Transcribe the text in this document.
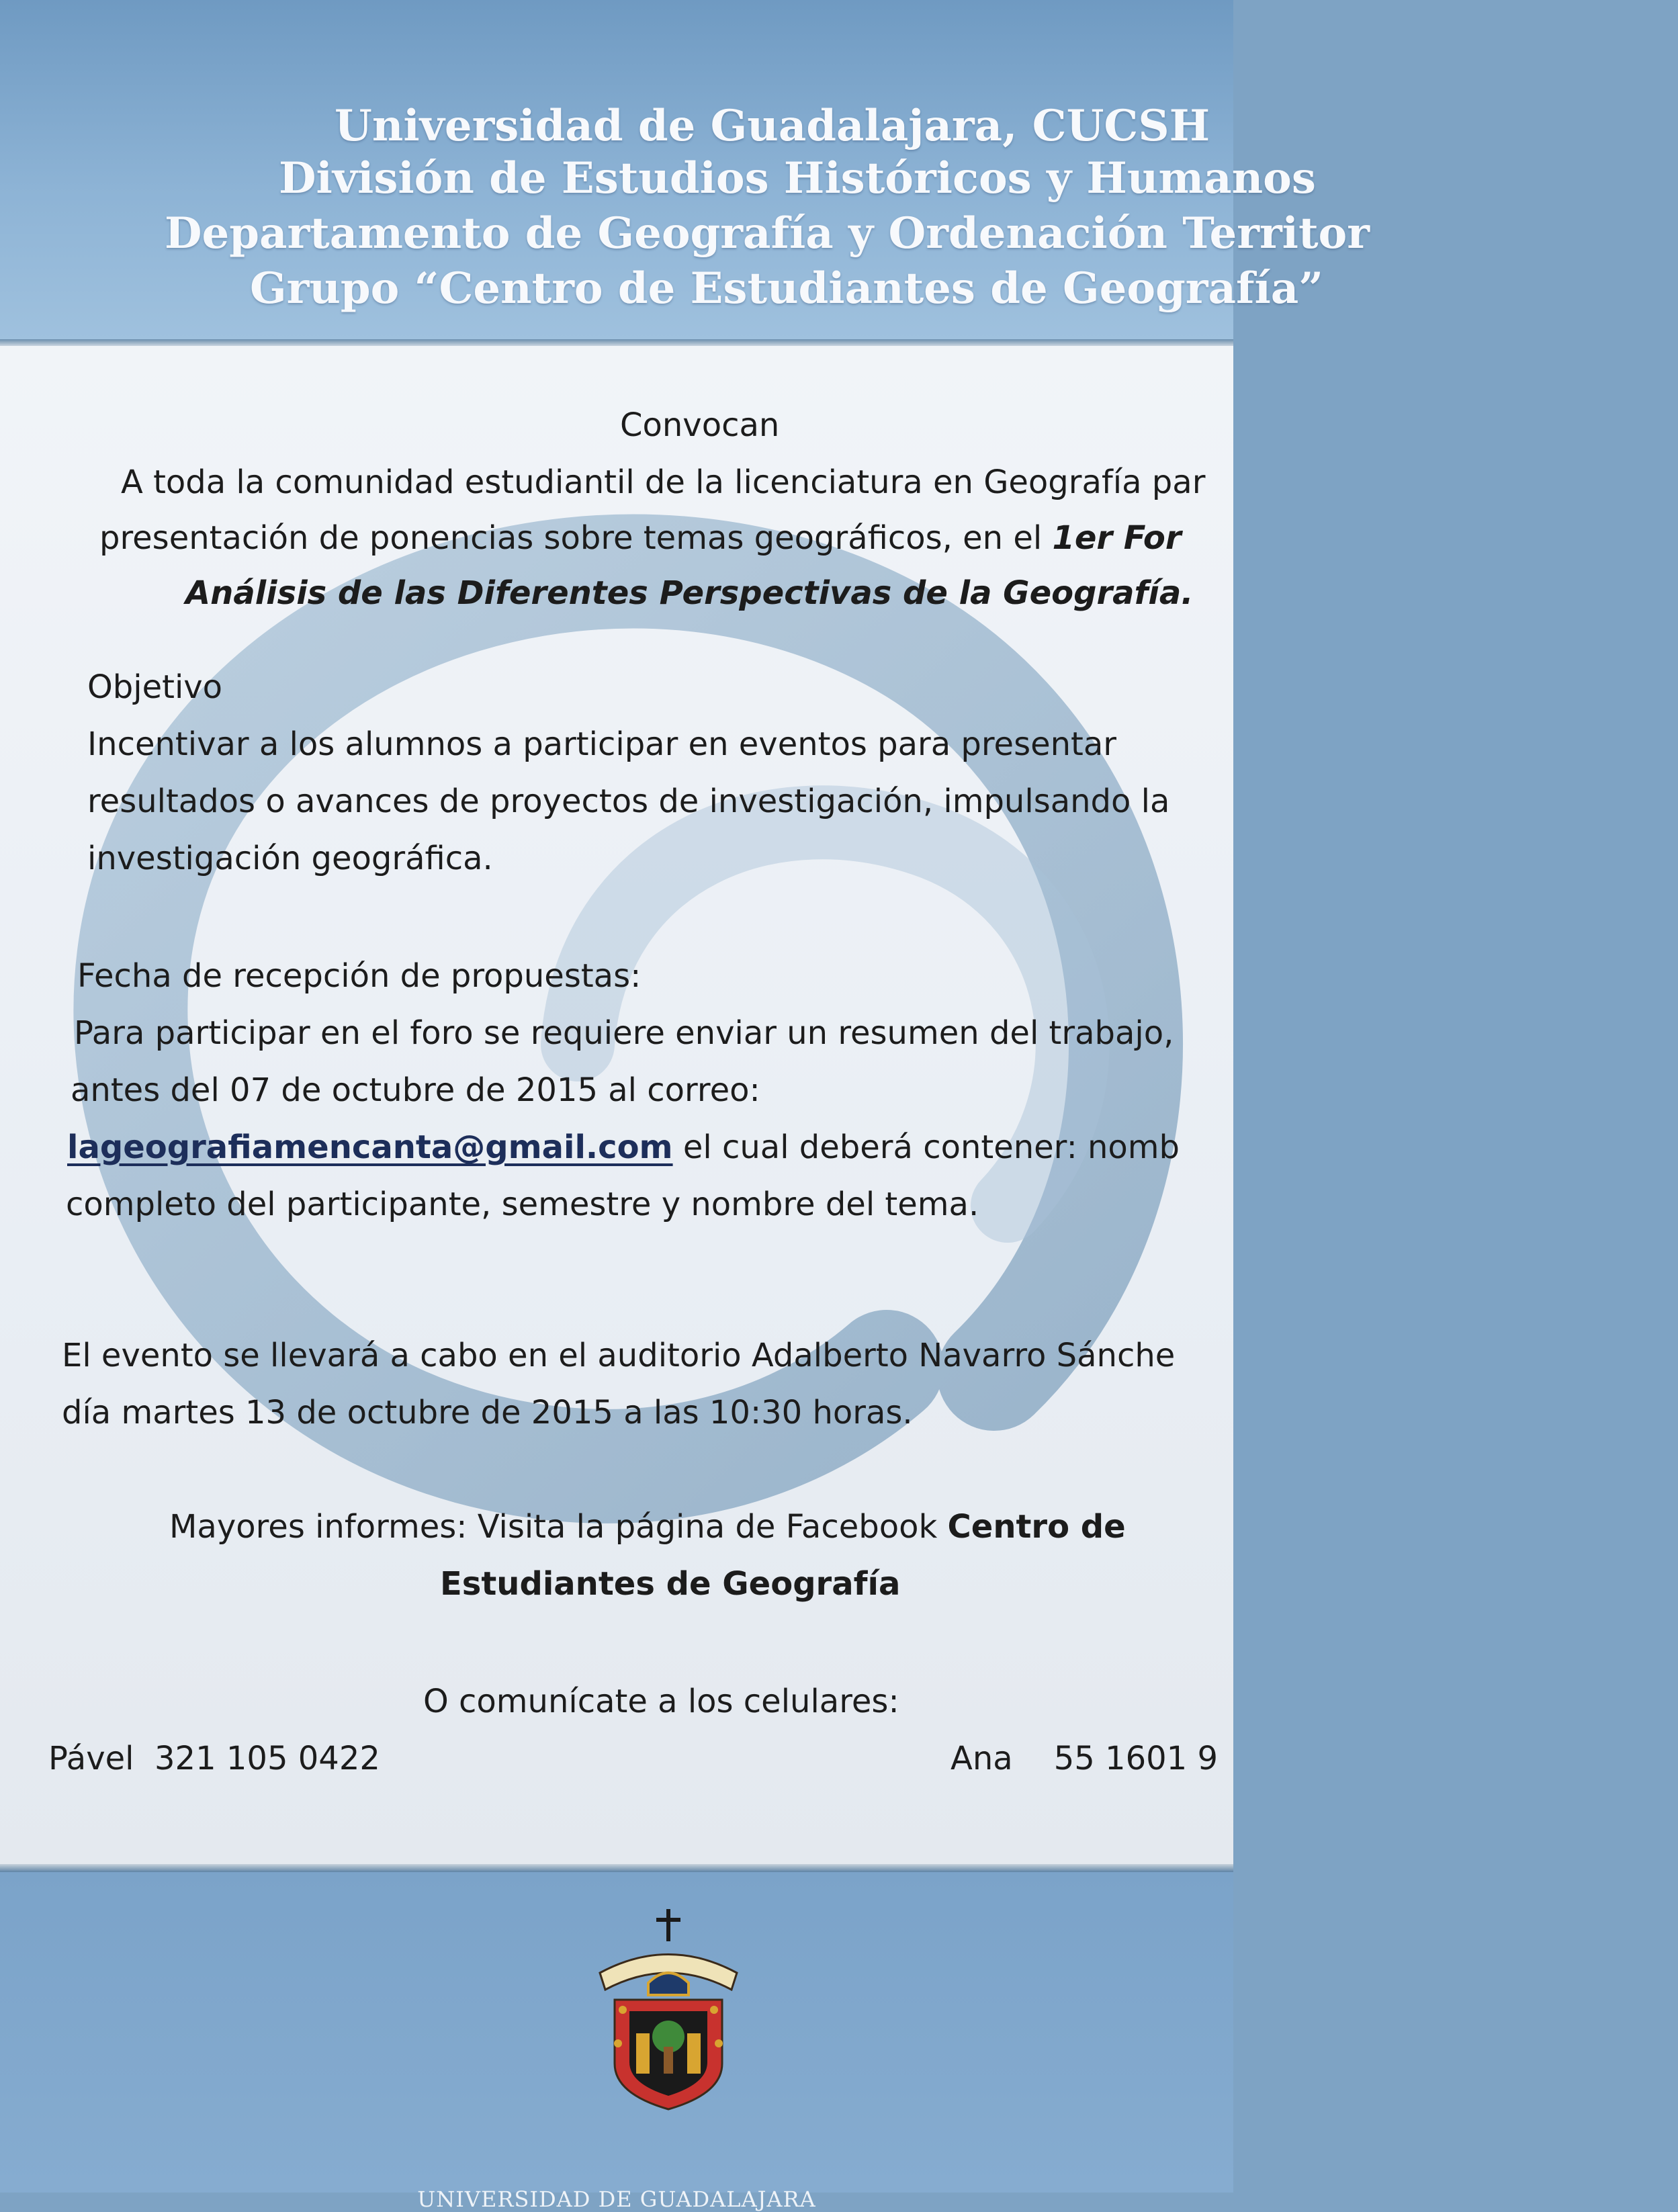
Universidad de Guadalajara, CUCSH
División de Estudios Históricos y Humanos
Departamento de Geografía y Ordenación Territor
Grupo “Centro de Estudiantes de Geografía”
Convocan
A toda la comunidad estudiantil de la licenciatura en Geografía par
presentación de ponencias sobre temas geográficos, en el 1er For
Análisis de las Diferentes Perspectivas de la Geografía.
Objetivo
Incentivar a los alumnos a participar en eventos para presentar
resultados o avances de proyectos de investigación, impulsando la
investigación geográfica.
Fecha de recepción de propuestas:
Para participar en el foro se requiere enviar un resumen del trabajo,
antes del 07 de octubre de 2015 al correo:
lageografiamencanta@gmail.com el cual deberá contener: nomb
completo del participante, semestre y nombre del tema.
El evento se llevará a cabo en el auditorio Adalberto Navarro Sánche
día martes 13 de octubre de 2015 a las 10:30 horas.
Mayores informes: Visita la página de Facebook Centro de
Estudiantes de Geografía
O comunícate a los celulares:
Pável  321 105 0422	Ana    55 1601 9
UNIVERSIDAD DE GUADALAJARA
